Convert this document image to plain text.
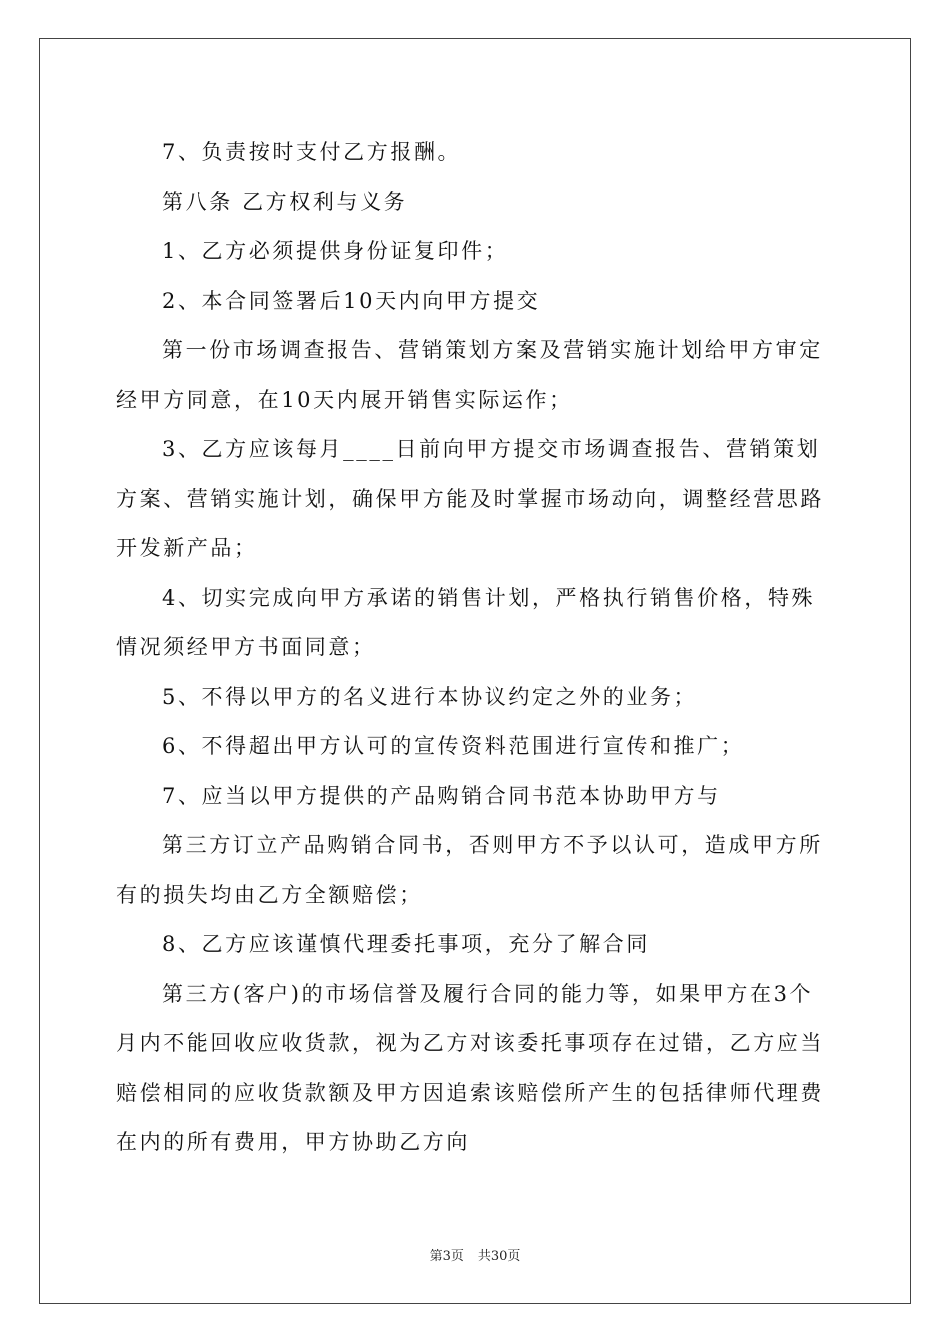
7、负责按时支付乙方报酬。

第八条 乙方权利与义务

1、乙方必须提供身份证复印件；

2、本合同签署后10天内向甲方提交

第一份市场调查报告、营销策划方案及营销实施计划给甲方审定经甲方同意，在10天内展开销售实际运作；

3、乙方应该每月____日前向甲方提交市场调查报告、营销策划方案、营销实施计划，确保甲方能及时掌握市场动向，调整经营思路开发新产品；

4、切实完成向甲方承诺的销售计划，严格执行销售价格，特殊情况须经甲方书面同意；

5、不得以甲方的名义进行本协议约定之外的业务；

6、不得超出甲方认可的宣传资料范围进行宣传和推广；

7、应当以甲方提供的产品购销合同书范本协助甲方与

第三方订立产品购销合同书，否则甲方不予以认可，造成甲方所有的损失均由乙方全额赔偿；

8、乙方应该谨慎代理委托事项，充分了解合同

第三方(客户)的市场信誉及履行合同的能力等，如果甲方在3个月内不能回收应收货款，视为乙方对该委托事项存在过错，乙方应当赔偿相同的应收货款额及甲方因追索该赔偿所产生的包括律师代理费在内的所有费用，甲方协助乙方向

第3页 共30页
